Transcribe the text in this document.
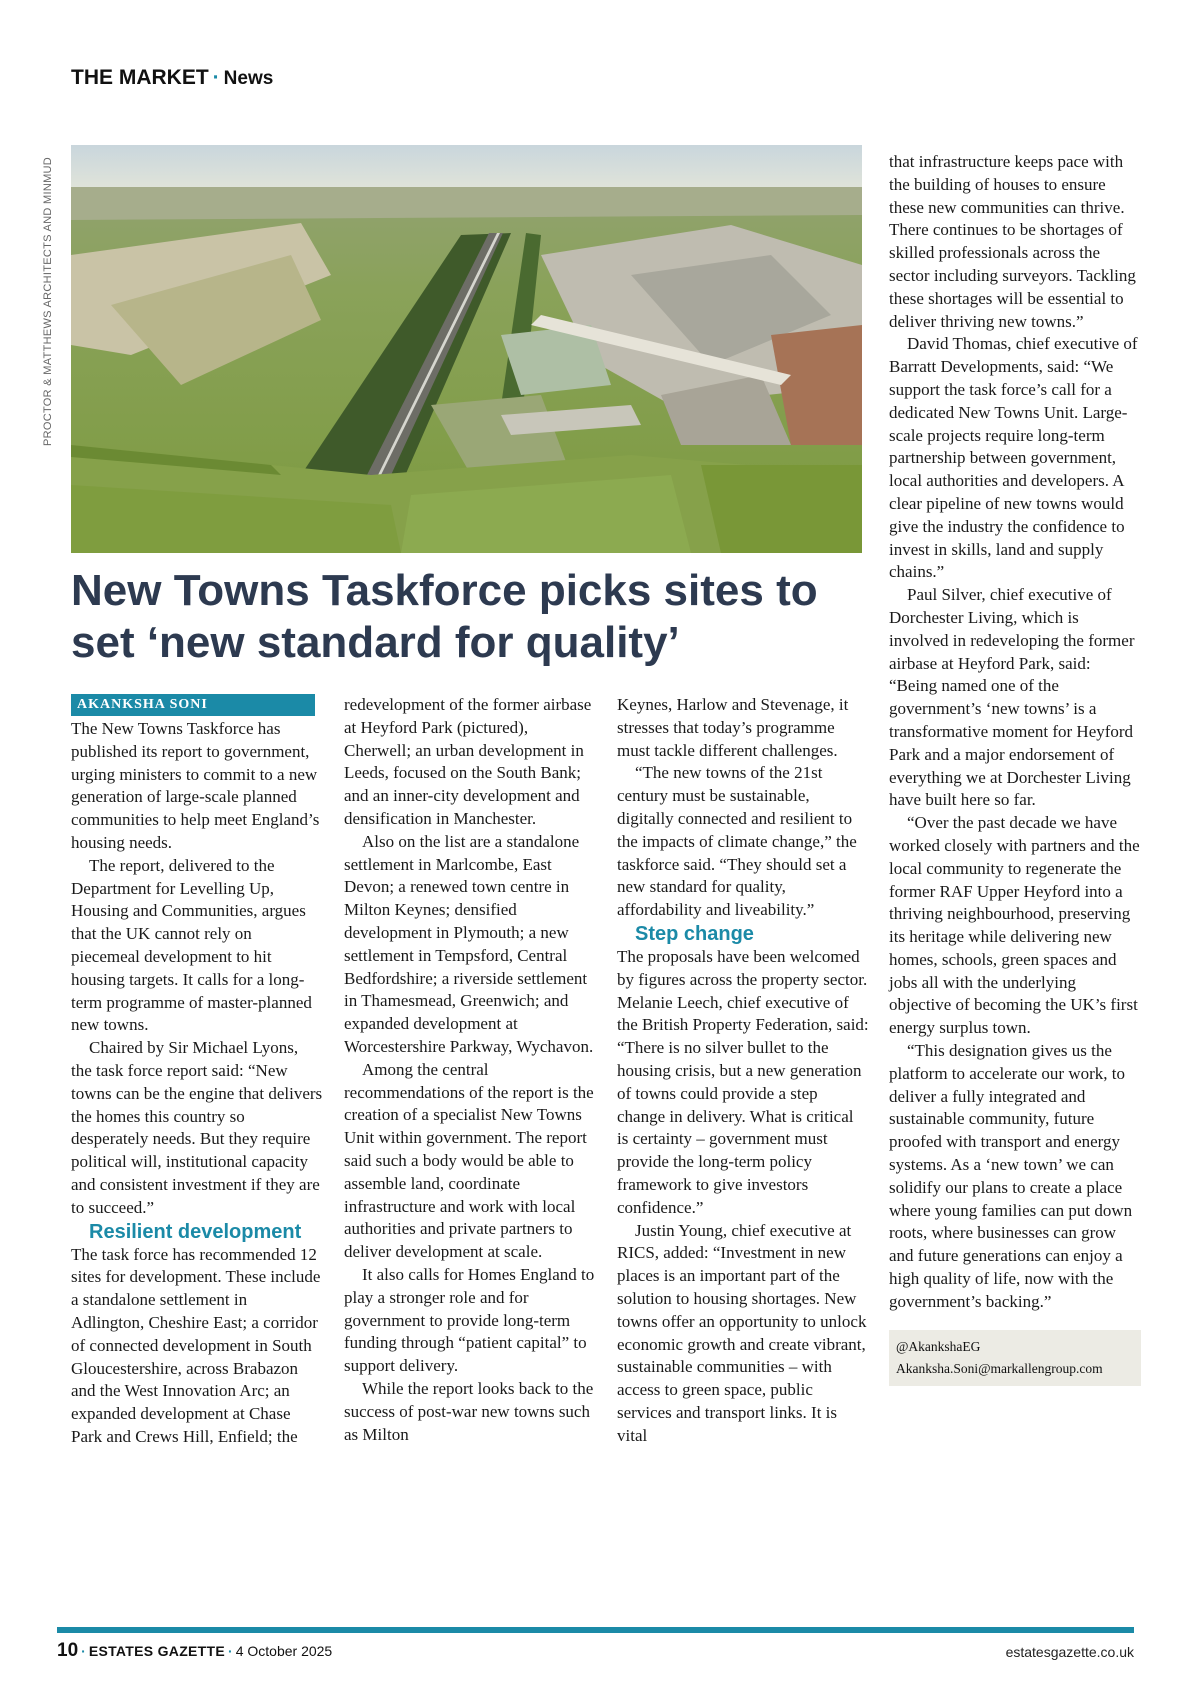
THE MARKET · News
PROCTOR & MATTHEWS ARCHITECTS AND MINMUD
New Towns Taskforce picks sites to set ‘new standard for quality’
AKANKSHA SONI

The New Towns Taskforce has published its report to government, urging ministers to commit to a new generation of large-scale planned communities to help meet England’s housing needs.

The report, delivered to the Department for Levelling Up, Housing and Communities, argues that the UK cannot rely on piecemeal development to hit housing targets. It calls for a long-term programme of master-planned new towns.

Chaired by Sir Michael Lyons, the task force report said: “New towns can be the engine that delivers the homes this country so desperately needs. But they require political will, institutional capacity and consistent investment if they are to succeed.”

Resilient development

The task force has recommended 12 sites for development. These include a standalone settlement in Adlington, Cheshire East; a corridor of connected development in South Gloucestershire, across Brabazon and the West Innovation Arc; an expanded development at Chase Park and Crews Hill, Enfield; the

redevelopment of the former airbase at Heyford Park (pictured), Cherwell; an urban development in Leeds, focused on the South Bank; and an inner-city development and densification in Manchester.

Also on the list are a standalone settlement in Marlcombe, East Devon; a renewed town centre in Milton Keynes; densified development in Plymouth; a new settlement in Tempsford, Central Bedfordshire; a riverside settlement in Thamesmead, Greenwich; and expanded development at Worcestershire Parkway, Wychavon.

Among the central recommendations of the report is the creation of a specialist New Towns Unit within government. The report said such a body would be able to assemble land, coordinate infrastructure and work with local authorities and private partners to deliver development at scale.

It also calls for Homes England to play a stronger role and for government to provide long-term funding through “patient capital” to support delivery.

While the report looks back to the success of post-war new towns such as Milton

Keynes, Harlow and Stevenage, it stresses that today’s programme must tackle different challenges.

“The new towns of the 21st century must be sustainable, digitally connected and resilient to the impacts of climate change,” the taskforce said. “They should set a new standard for quality, affordability and liveability.”

Step change

The proposals have been welcomed by figures across the property sector. Melanie Leech, chief executive of the British Property Federation, said: “There is no silver bullet to the housing crisis, but a new generation of towns could provide a step change in delivery. What is critical is certainty – government must provide the long-term policy framework to give investors confidence.”

Justin Young, chief executive at RICS, added: “Investment in new places is an important part of the solution to housing shortages. New towns offer an opportunity to unlock economic growth and create vibrant, sustainable communities – with access to green space, public services and transport links. It is vital

that infrastructure keeps pace with the building of houses to ensure these new communities can thrive. There continues to be shortages of skilled professionals across the sector including surveyors. Tackling these shortages will be essential to deliver thriving new towns.”

David Thomas, chief executive of Barratt Developments, said: “We support the task force’s call for a dedicated New Towns Unit. Large-scale projects require long-term partnership between government, local authorities and developers. A clear pipeline of new towns would give the industry the confidence to invest in skills, land and supply chains.”

Paul Silver, chief executive of Dorchester Living, which is involved in redeveloping the former airbase at Heyford Park, said: “Being named one of the government’s ‘new towns’ is a transformative moment for Heyford Park and a major endorsement of everything we at Dorchester Living have built here so far.

“Over the past decade we have worked closely with partners and the local community to regenerate the former RAF Upper Heyford into a thriving neighbourhood, preserving its heritage while delivering new homes, schools, green spaces and jobs all with the underlying objective of becoming the UK’s first energy surplus town.

“This designation gives us the platform to accelerate our work, to deliver a fully integrated and sustainable community, future proofed with transport and energy systems. As a ‘new town’ we can solidify our plans to create a place where young families can put down roots, where businesses can grow and future generations can enjoy a high quality of life, now with the government’s backing.”

@AkankshaEG
Akanksha.Soni@markallengroup.com
10 · ESTATES GAZETTE · 4 October 2025	estatesgazette.co.uk
